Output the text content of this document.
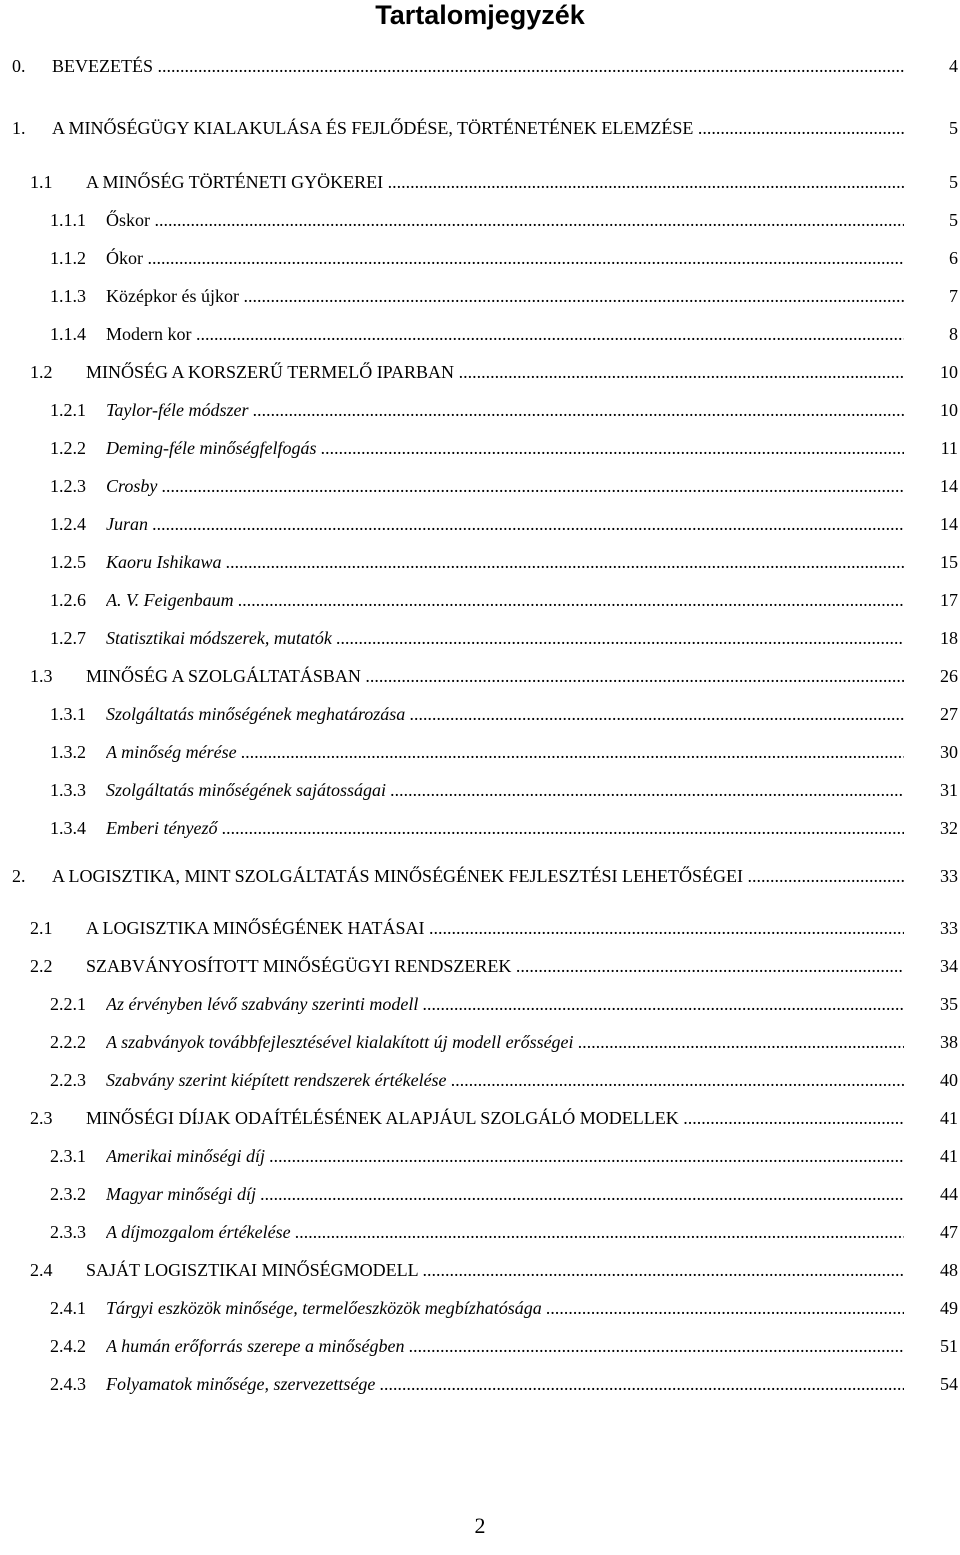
Tartalomjegyzék
0. BEVEZETÉS .....	4
1. A MINŐSÉGÜGY KIALAKULÁSA ÉS FEJLŐDÉSE, TÖRTÉNETÉNEK ELEMZÉSE .....	5
1.1 A MINŐSÉG TÖRTÉNETI GYÖKEREI .....	5
1.1.1 Őskor .....	5
1.1.2 Ókor .....	6
1.1.3 Középkor és újkor .....	7
1.1.4 Modern kor .....	8
1.2 MINŐSÉG A KORSZERŰ TERMELŐ IPARBAN .....	10
1.2.1 Taylor-féle módszer .....	10
1.2.2 Deming-féle minőségfelfogás .....	11
1.2.3 Crosby .....	14
1.2.4 Juran .....	14
1.2.5 Kaoru Ishikawa .....	15
1.2.6 A. V. Feigenbaum .....	17
1.2.7 Statisztikai módszerek, mutatók .....	18
1.3 MINŐSÉG A SZOLGÁLTATÁSBAN .....	26
1.3.1 Szolgáltatás minőségének meghatározása .....	27
1.3.2 A minőség mérése .....	30
1.3.3 Szolgáltatás minőségének sajátosságai .....	31
1.3.4 Emberi tényező .....	32
2. A LOGISZTIKA, MINT SZOLGÁLTATÁS MINŐSÉGÉNEK FEJLESZTÉSI LEHETŐSÉGEI .....	33
2.1 A LOGISZTIKA MINŐSÉGÉNEK HATÁSAI .....	33
2.2 SZABVÁNYOSÍTOTT MINŐSÉGÜGYI RENDSZEREK .....	34
2.2.1 Az érvényben lévő szabvány szerinti modell .....	35
2.2.2 A szabványok továbbfejlesztésével kialakított új modell erősségei .....	38
2.2.3 Szabvány szerint kiépített rendszerek értékelése .....	40
2.3 MINŐSÉGI DÍJAK ODAÍTÉLÉSÉNEK ALAPJÁUL SZOLGÁLÓ MODELLEK .....	41
2.3.1 Amerikai minőségi díj .....	41
2.3.2 Magyar minőségi díj .....	44
2.3.3 A díjmozgalom értékelése .....	47
2.4 SAJÁT LOGISZTIKAI MINŐSÉGMODELL .....	48
2.4.1 Tárgyi eszközök minősége, termelőeszközök megbízhatósága .....	49
2.4.2 A humán erőforrás szerepe a minőségben .....	51
2.4.3 Folyamatok minősége, szervezettsége .....	54
2
